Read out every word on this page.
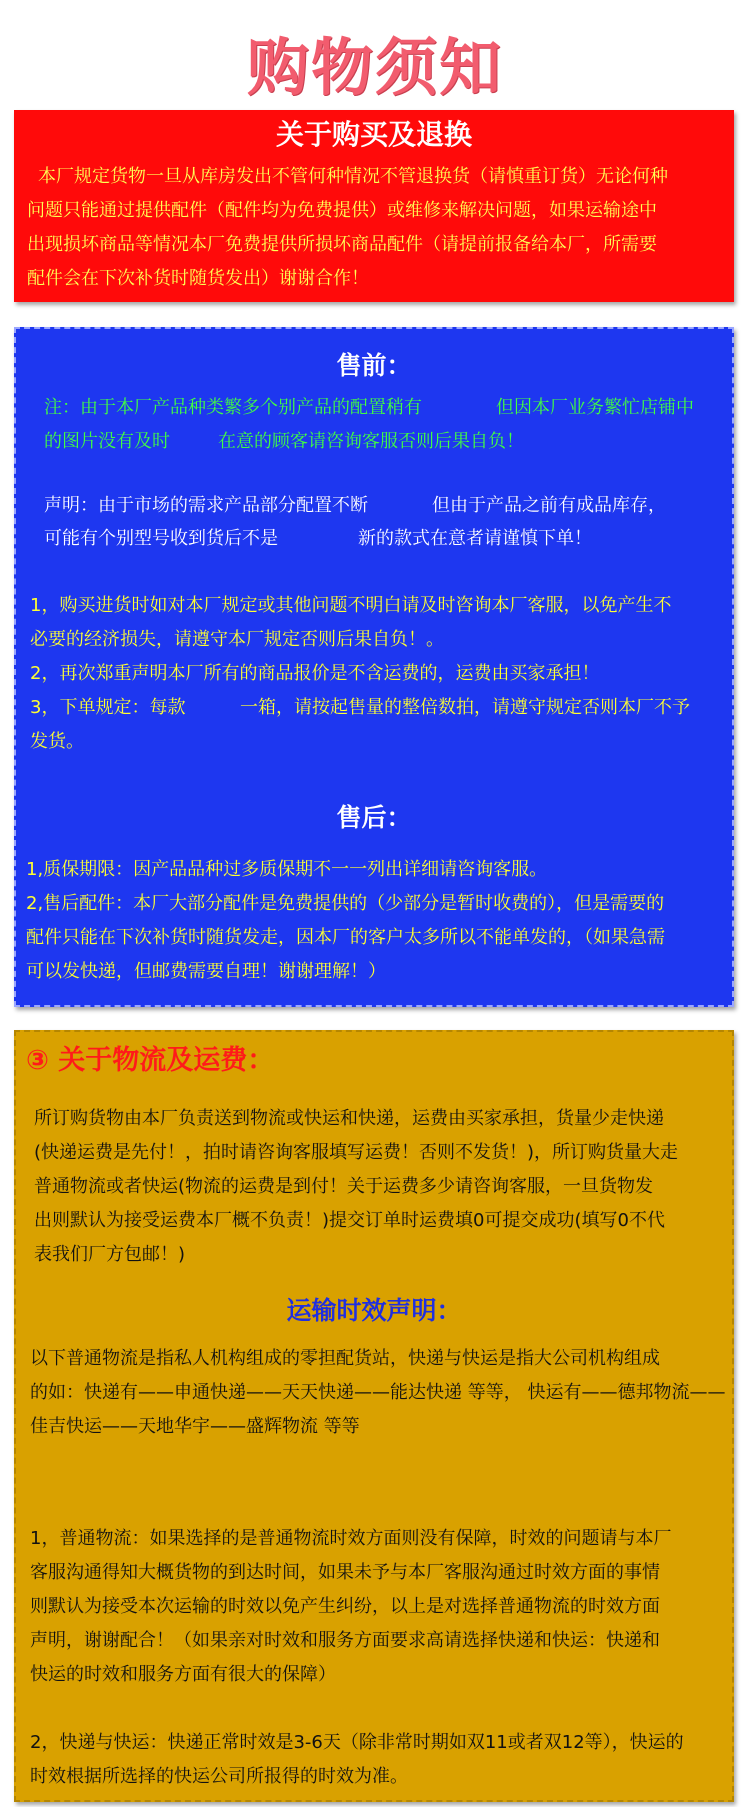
购物须知
关于购买及退换
本厂规定货物一旦从库房发出不管何种情况不管退换货（请慎重订货）无论何种
问题只能通过提供配件（配件均为免费提供）或维修来解决问题，如果运输途中
出现损坏商品等情况本厂免费提供所损坏商品配件（请提前报备给本厂，所需要
配件会在下次补货时随货发出）谢谢合作！
售前：
注：由于本厂产品种类繁多个别产品的配置稍有	但因本厂业务繁忙店铺中
的图片没有及时	在意的顾客请咨询客服否则后果自负！
声明：由于市场的需求产品部分配置不断	但由于产品之前有成品库存，
可能有个别型号收到货后不是	新的款式在意者请谨慎下单！
1，购买进货时如对本厂规定或其他问题不明白请及时咨询本厂客服，以免产生不
必要的经济损失，请遵守本厂规定否则后果自负！。
2，再次郑重声明本厂所有的商品报价是不含运费的，运费由买家承担！
3，下单规定：每款	一箱，请按起售量的整倍数拍，请遵守规定否则本厂不予
发货。
售后：
1,质保期限：因产品品种过多质保期不一一列出详细请咨询客服。
2,售后配件：本厂大部分配件是免费提供的（少部分是暂时收费的），但是需要的
配件只能在下次补货时随货发走，因本厂的客户太多所以不能单发的，（如果急需
可以发快递，但邮费需要自理！谢谢理解！）
③ 关于物流及运费：
所订购货物由本厂负责送到物流或快运和快递，运费由买家承担，货量少走快递
(快递运费是先付！，拍时请咨询客服填写运费！否则不发货！)，所订购货量大走
普通物流或者快运(物流的运费是到付！关于运费多少请咨询客服，一旦货物发
出则默认为接受运费本厂概不负责！)提交订单时运费填0可提交成功(填写0不代
表我们厂方包邮！)
运输时效声明：
以下普通物流是指私人机构组成的零担配货站，快递与快运是指大公司机构组成
的如：快递有——申通快递——天天快递——能达快递 等等， 快运有——德邦物流——
佳吉快运——天地华宇——盛辉物流 等等
1，普通物流：如果选择的是普通物流时效方面则没有保障，时效的问题请与本厂
客服沟通得知大概货物的到达时间，如果未予与本厂客服沟通过时效方面的事情
则默认为接受本次运输的时效以免产生纠纷，以上是对选择普通物流的时效方面
声明，谢谢配合！（如果亲对时效和服务方面要求高请选择快递和快运：快递和
快运的时效和服务方面有很大的保障）
2，快递与快运：快递正常时效是3-6天（除非常时期如双11或者双12等），快运的
时效根据所选择的快运公司所报得的时效为准。
